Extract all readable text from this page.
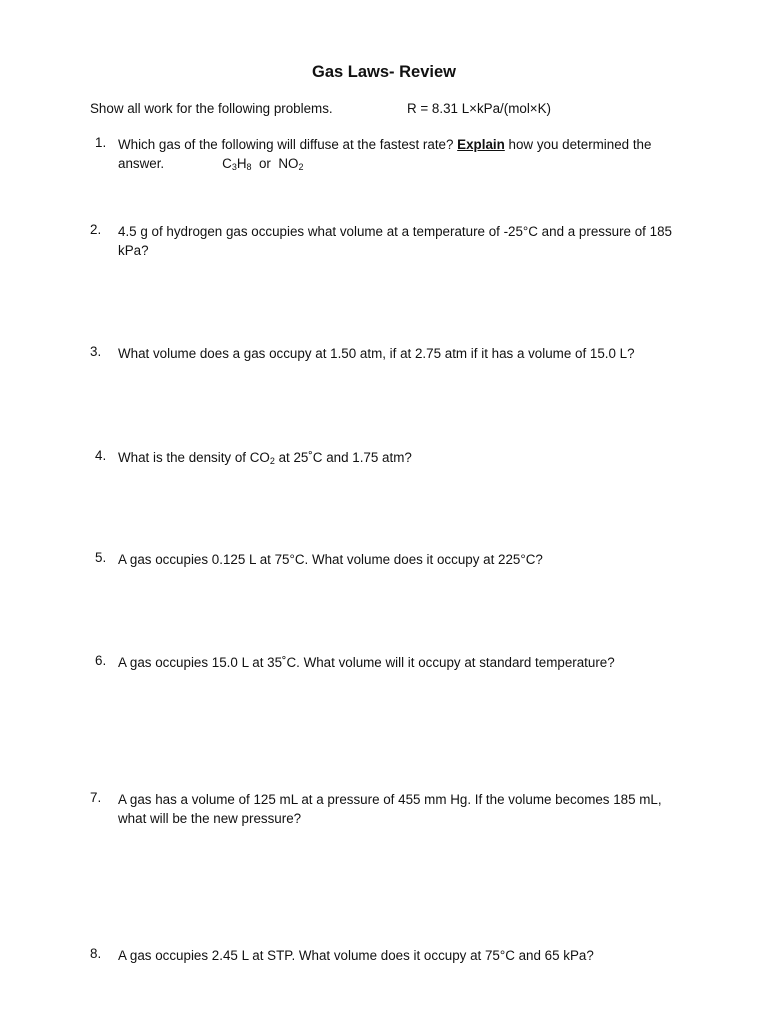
Gas Laws- Review
Show all work for the following problems.	R = 8.31 L×kPa/(mol×K)
1. Which gas of the following will diffuse at the fastest rate? Explain how you determined the answer.	$C_3H_8$ or $NO_2$
2.	4.5 g of hydrogen gas occupies what volume at a temperature of -25°C and a pressure of 185 kPa?
3.	What volume does a gas occupy at 1.50 atm, if at 2.75 atm if it has a volume of 15.0 L?
4. What is the density of $CO_2$ at 25˚C and 1.75 atm?
5. A gas occupies 0.125 L at 75°C. What volume does it occupy at 225°C?
6. A gas occupies 15.0 L at 35˚C. What volume will it occupy at standard temperature?
7.	A gas has a volume of 125 mL at a pressure of 455 mm Hg. If the volume becomes 185 mL, what will be the new pressure?
8.	A gas occupies 2.45 L at STP. What volume does it occupy at 75°C and 65 kPa?
